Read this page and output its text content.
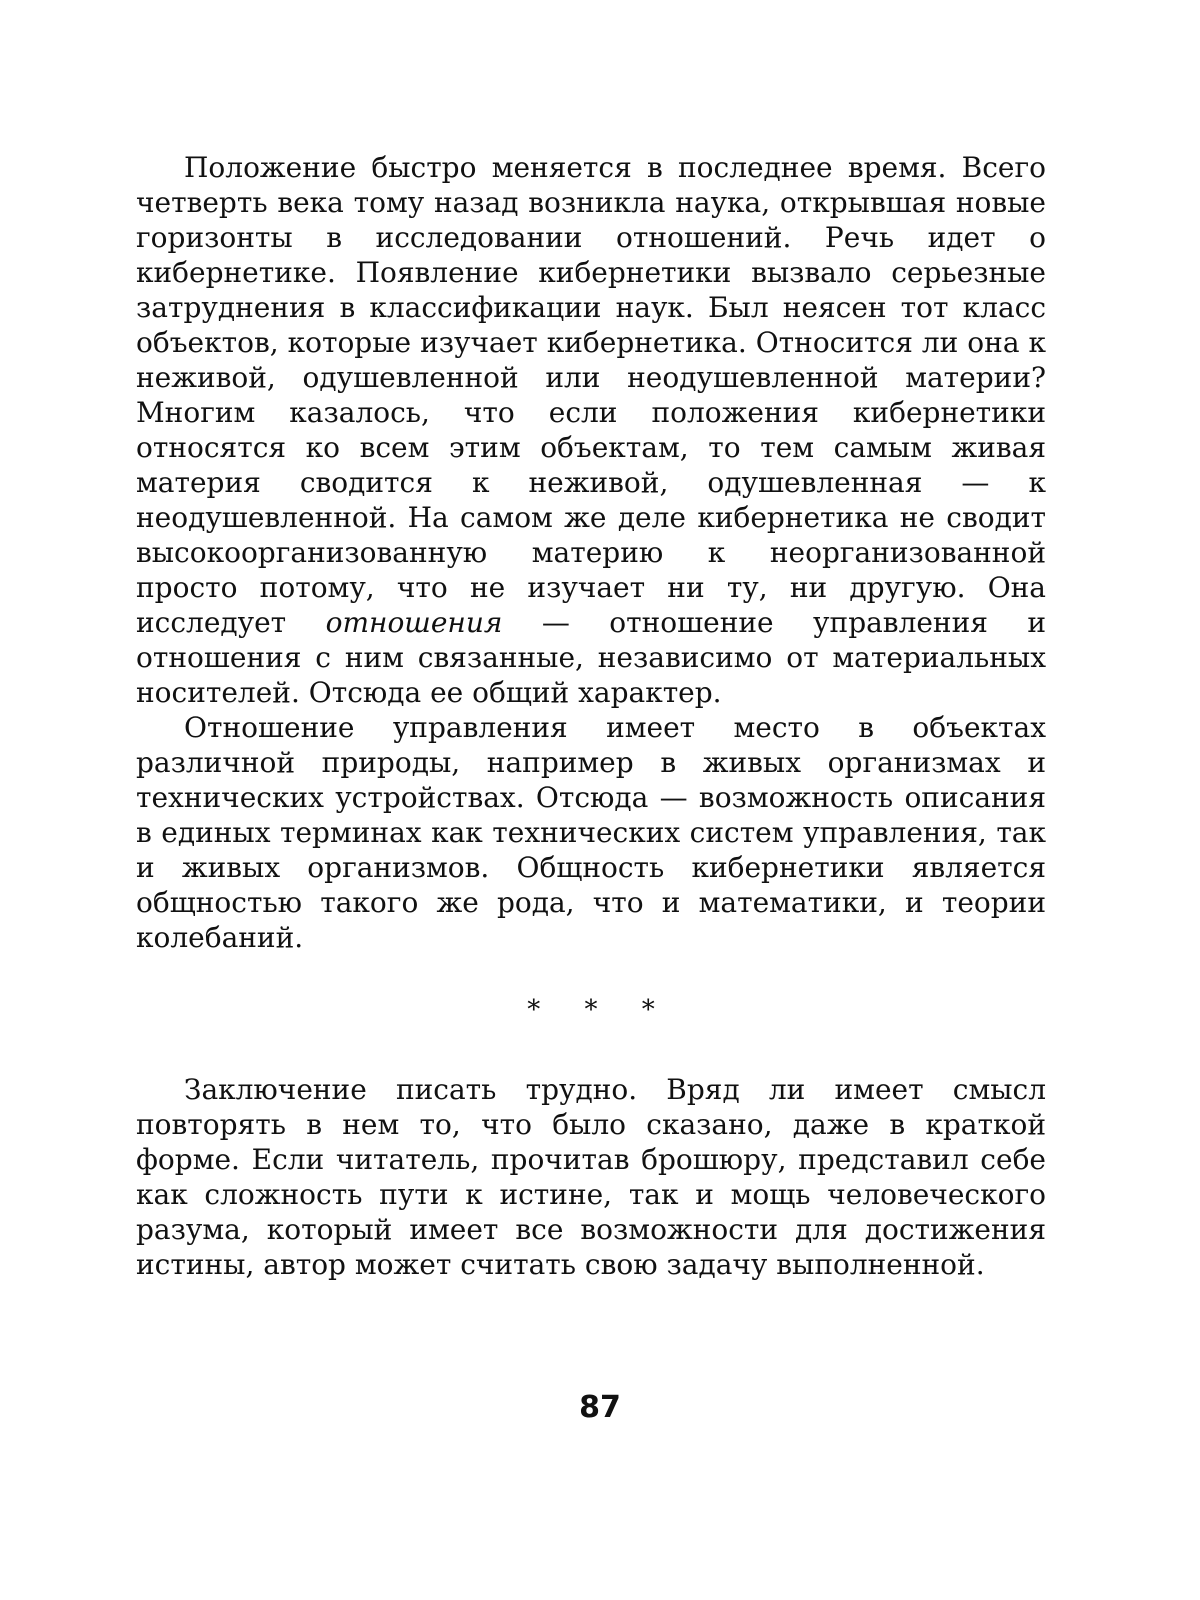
Положение быстро меняется в последнее время. Всего четверть века тому назад возникла наука, открывшая новые горизонты в исследовании отношений. Речь идет о кибернетике. Появление кибернетики вызвало серьезные затруднения в классификации наук. Был неясен тот класс объектов, которые изучает кибернетика. Относится ли она к неживой, одушевленной или неодушевленной материи? Многим казалось, что если положения кибернетики относятся ко всем этим объектам, то тем самым живая материя сводится к неживой, одушевленная — к неодушевленной. На самом же деле кибернетика не сводит высокоорганизованную материю к неорганизованной просто потому, что не изучает ни ту, ни другую. Она исследует отношения — отношение управления и отношения с ним связанные, независимо от материальных носителей. Отсюда ее общий характер.

Отношение управления имеет место в объектах различной природы, например в живых организмах и технических устройствах. Отсюда — возможность описания в единых терминах как технических систем управления, так и живых организмов. Общность кибернетики является общностью такого же рода, что и математики, и теории колебаний.

* * *

Заключение писать трудно. Вряд ли имеет смысл повторять в нем то, что было сказано, даже в краткой форме. Если читатель, прочитав брошюру, представил себе как сложность пути к истине, так и мощь человеческого разума, который имеет все возможности для достижения истины, автор может считать свою задачу выполненной.

87
